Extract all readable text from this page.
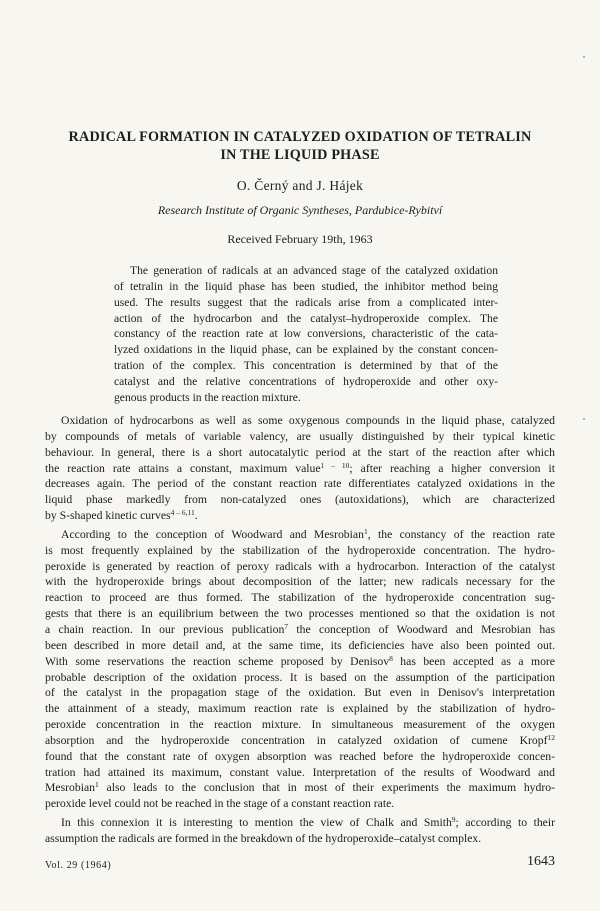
RADICAL FORMATION IN CATALYZED OXIDATION OF TETRALIN
IN THE LIQUID PHASE
O. Černý and J. Hájek
Research Institute of Organic Syntheses, Pardubice-Rybitví
Received February 19th, 1963
The generation of radicals at an advanced stage of the catalyzed oxidation
of tetralin in the liquid phase has been studied, the inhibitor method being
used. The results suggest that the radicals arise from a complicated inter-
action of the hydrocarbon and the catalyst–hydroperoxide complex. The
constancy of the reaction rate at low conversions, characteristic of the cata-
lyzed oxidations in the liquid phase, can be explained by the constant concen-
tration of the complex. This concentration is determined by that of the
catalyst and the relative concentrations of hydroperoxide and other oxy-
genous products in the reaction mixture.
Oxidation of hydrocarbons as well as some oxygenous compounds in the liquid phase, catalyzed
by compounds of metals of variable valency, are usually distinguished by their typical kinetic
behaviour. In general, there is a short autocatalytic period at the start of the reaction after which
the reaction rate attains a constant, maximum value$^{1 - 10}$; after reaching a higher conversion it
decreases again. The period of the constant reaction rate differentiates catalyzed oxidations in the
liquid phase markedly from non-catalyzed ones (autoxidations), which are characterized
by S-shaped kinetic curves$^{4 - 6,11}$.
According to the conception of Woodward and Mesrobian$^1$, the constancy of the reaction rate
is most frequently explained by the stabilization of the hydroperoxide concentration. The hydro-
peroxide is generated by reaction of peroxy radicals with a hydrocarbon. Interaction of the catalyst
with the hydroperoxide brings about decomposition of the latter; new radicals necessary for the
reaction to proceed are thus formed. The stabilization of the hydroperoxide concentration sug-
gests that there is an equilibrium between the two processes mentioned so that the oxidation is not
a chain reaction. In our previous publication$^7$ the conception of Woodward and Mesrobian has
been described in more detail and, at the same time, its deficiencies have also been pointed out.
With some reservations the reaction scheme proposed by Denisov$^8$ has been accepted as a more
probable description of the oxidation process. It is based on the assumption of the participation
of the catalyst in the propagation stage of the oxidation. But even in Denisov's interpretation
the attainment of a steady, maximum reaction rate is explained by the stabilization of hydro-
peroxide concentration in the reaction mixture. In simultaneous measurement of the oxygen
absorption and the hydroperoxide concentration in catalyzed oxidation of cumene Kropf$^{12}$
found that the constant rate of oxygen absorption was reached before the hydroperoxide concen-
tration had attained its maximum, constant value. Interpretation of the results of Woodward and
Mesrobian$^1$ also leads to the conclusion that in most of their experiments the maximum hydro-
peroxide level could not be reached in the stage of a constant reaction rate.
In this connexion it is interesting to mention the view of Chalk and Smith$^9$; according to their
assumption the radicals are formed in the breakdown of the hydroperoxide–catalyst complex.
Vol. 29 (1964)	1643
